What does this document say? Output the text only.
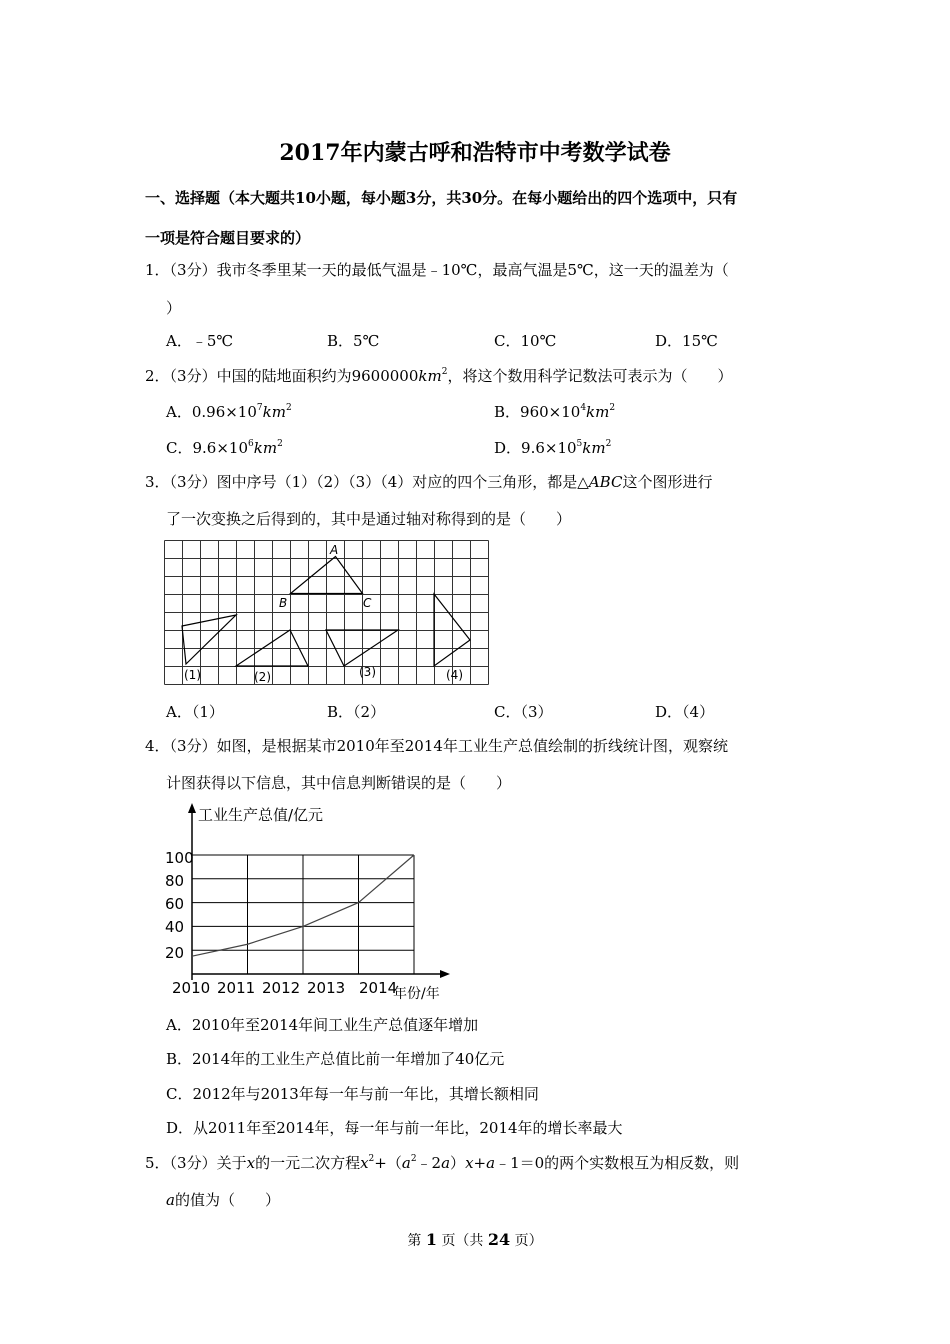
2017年内蒙古呼和浩特市中考数学试卷
一、选择题（本大题共10小题，每小题3分，共30分。在每小题给出的四个选项中，只有
一项是符合题目要求的）
1．（3分）我市冬季里某一天的最低气温是﹣10℃，最高气温是5℃，这一天的温差为（
）
A．﹣5℃	B．5℃	C．10℃	D．15℃
2．（3分）中国的陆地面积约为$9600000km^2$，将这个数用科学记数法可表示为（　　）
A．$0.96\times 10^7km^2$	B．$960\times 10^4km^2$
C．$9.6\times 10^6km^2$	D．$9.6\times 10^5km^2$
3．（3分）图中序号（1）（2）（3）（4）对应的四个三角形，都是△ABC这个图形进行
了一次变换之后得到的，其中是通过轴对称得到的是（　　）
A
B	C
(1)	(2)	(3)	(4)
A．（1）	B．（2）	C．（3）	D．（4）
4．（3分）如图，是根据某市2010年至2014年工业生产总值绘制的折线统计图，观察统
计图获得以下信息，其中信息判断错误的是（　　）
工业生产总值/亿元
年份/年
100
80
60
40
20
2010 2011 2012 2013 2014
A．2010年至2014年间工业生产总值逐年增加
B．2014年的工业生产总值比前一年增加了40亿元
C．2012年与2013年每一年与前一年比，其增长额相同
D．从2011年至2014年，每一年与前一年比，2014年的增长率最大
5．（3分）关于x的一元二次方程$x^2+(a^2﹣2a)x+a﹣1=0$的两个实数根互为相反数，则
a的值为（　　）
第 1 页（共 24 页）
